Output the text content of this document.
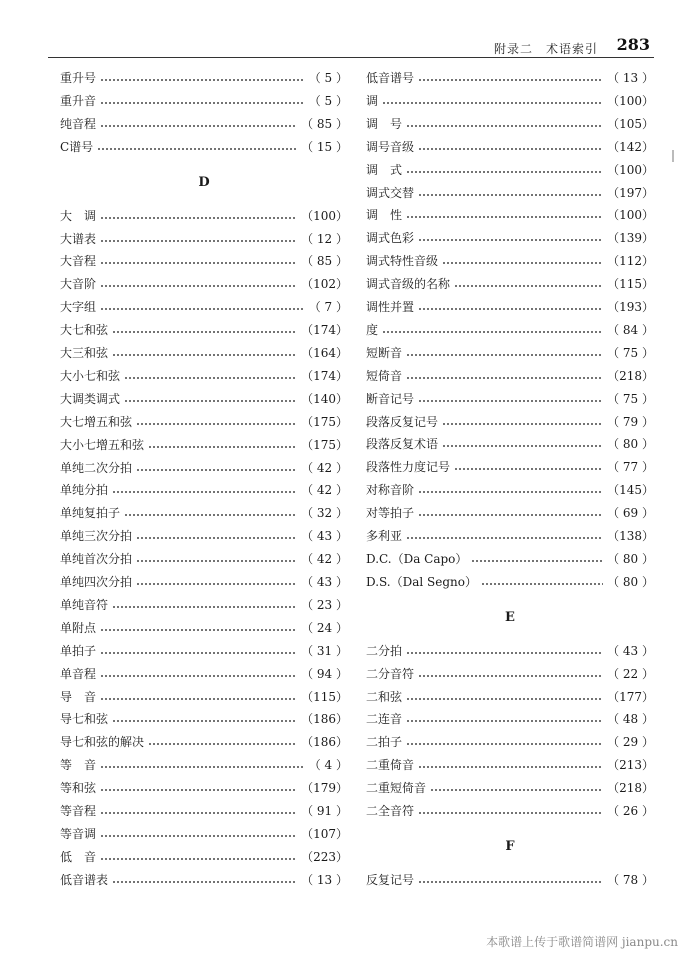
附录二　术语索引 283
重升号	（ 5 ）
重升音	（ 5 ）
纯音程	（ 85 ）
C谱号	（ 15 ）
D
大　调	（100）
大谱表	（ 12 ）
大音程	（ 85 ）
大音阶	（102）
大字组	（ 7 ）
大七和弦	（174）
大三和弦	（164）
大小七和弦	（174）
大调类调式	（140）
大七增五和弦	（175）
大小七增五和弦	（175）
单纯二次分拍	（ 42 ）
单纯分拍	（ 42 ）
单纯复拍子	（ 32 ）
单纯三次分拍	（ 43 ）
单纯首次分拍	（ 42 ）
单纯四次分拍	（ 43 ）
单纯音符	（ 23 ）
单附点	（ 24 ）
单拍子	（ 31 ）
单音程	（ 94 ）
导　音	（115）
导七和弦	（186）
导七和弦的解决	（186）
等　音	（ 4 ）
等和弦	（179）
等音程	（ 91 ）
等音调	（107）
低　音	（223）
低音谱表	（ 13 ）
低音谱号	（ 13 ）
调	（100）
调　号	（105）
调号音级	（142）
调　式	（100）
调式交替	（197）
调　性	（100）
调式色彩	（139）
调式特性音级	（112）
调式音级的名称	（115）
调性并置	（193）
度	（ 84 ）
短断音	（ 75 ）
短倚音	（218）
断音记号	（ 75 ）
段落反复记号	（ 79 ）
段落反复术语	（ 80 ）
段落性力度记号	（ 77 ）
对称音阶	（145）
对等拍子	（ 69 ）
多利亚	（138）
D.C.（Da Capo）	（ 80 ）
D.S.（Dal Segno）	（ 80 ）
E
二分拍	（ 43 ）
二分音符	（ 22 ）
二和弦	（177）
二连音	（ 48 ）
二拍子	（ 29 ）
二重倚音	（213）
二重短倚音	（218）
二全音符	（ 26 ）
F
反复记号	（ 78 ）
本歌谱上传于歌谱简谱网 jianpu.cn
